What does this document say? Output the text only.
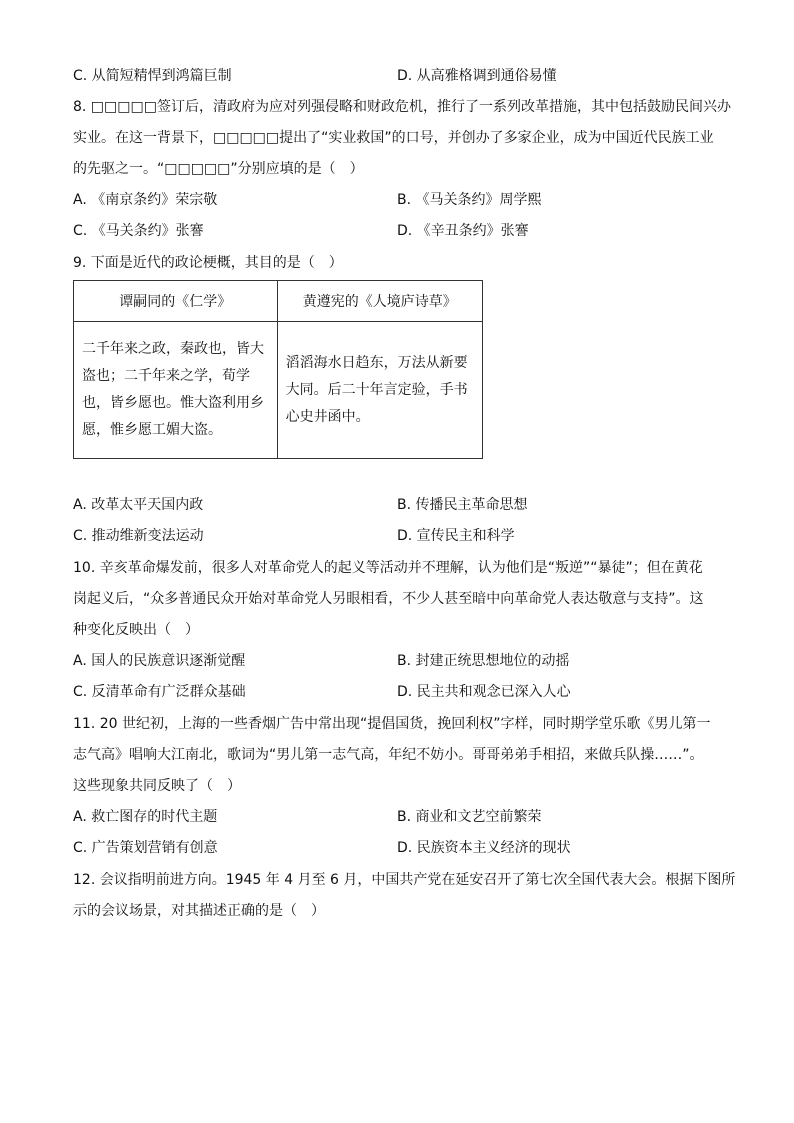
C. 从简短精悍到鸿篇巨制	D. 从高雅格调到通俗易懂
8. □□□□□签订后，清政府为应对列强侵略和财政危机，推行了一系列改革措施，其中包括鼓励民间兴办
实业。在这一背景下，□□□□□提出了“实业救国”的口号，并创办了多家企业，成为中国近代民族工业
的先驱之一。“□□□□□”分别应填的是（　）
A. 《南京条约》荣宗敬	B. 《马关条约》周学熙
C. 《马关条约》张謇	D. 《辛丑条约》张謇
9. 下面是近代的政论梗概，其目的是（　）
谭嗣同的《仁学》	黄遵宪的《人境庐诗草》

二千年来之政，秦政也，皆大盗也；二千年来之学，荀学也，皆乡愿也。惟大盗利用乡愿，惟乡愿工媚大盗。	滔滔海水日趋东，万法从新要大同。后二十年言定验，手书心史井函中。
A. 改革太平天国内政	B. 传播民主革命思想
C. 推动维新变法运动	D. 宣传民主和科学
10. 辛亥革命爆发前，很多人对革命党人的起义等活动并不理解，认为他们是“叛逆”“暴徒”；但在黄花
岗起义后，“众多普通民众开始对革命党人另眼相看，不少人甚至暗中向革命党人表达敬意与支持”。这
种变化反映出（　）
A. 国人的民族意识逐渐觉醒	B. 封建正统思想地位的动摇
C. 反清革命有广泛群众基础	D. 民主共和观念已深入人心
11. 20 世纪初，上海的一些香烟广告中常出现“提倡国货，挽回利权”字样，同时期学堂乐歌《男儿第一
志气高》唱响大江南北，歌词为“男儿第一志气高，年纪不妨小。哥哥弟弟手相招，来做兵队操……”。
这些现象共同反映了（　）
A. 救亡图存的时代主题	B. 商业和文艺空前繁荣
C. 广告策划营销有创意	D. 民族资本主义经济的现状
12. 会议指明前进方向。1945 年 4 月至 6 月，中国共产党在延安召开了第七次全国代表大会。根据下图所
示的会议场景，对其描述正确的是（　）
